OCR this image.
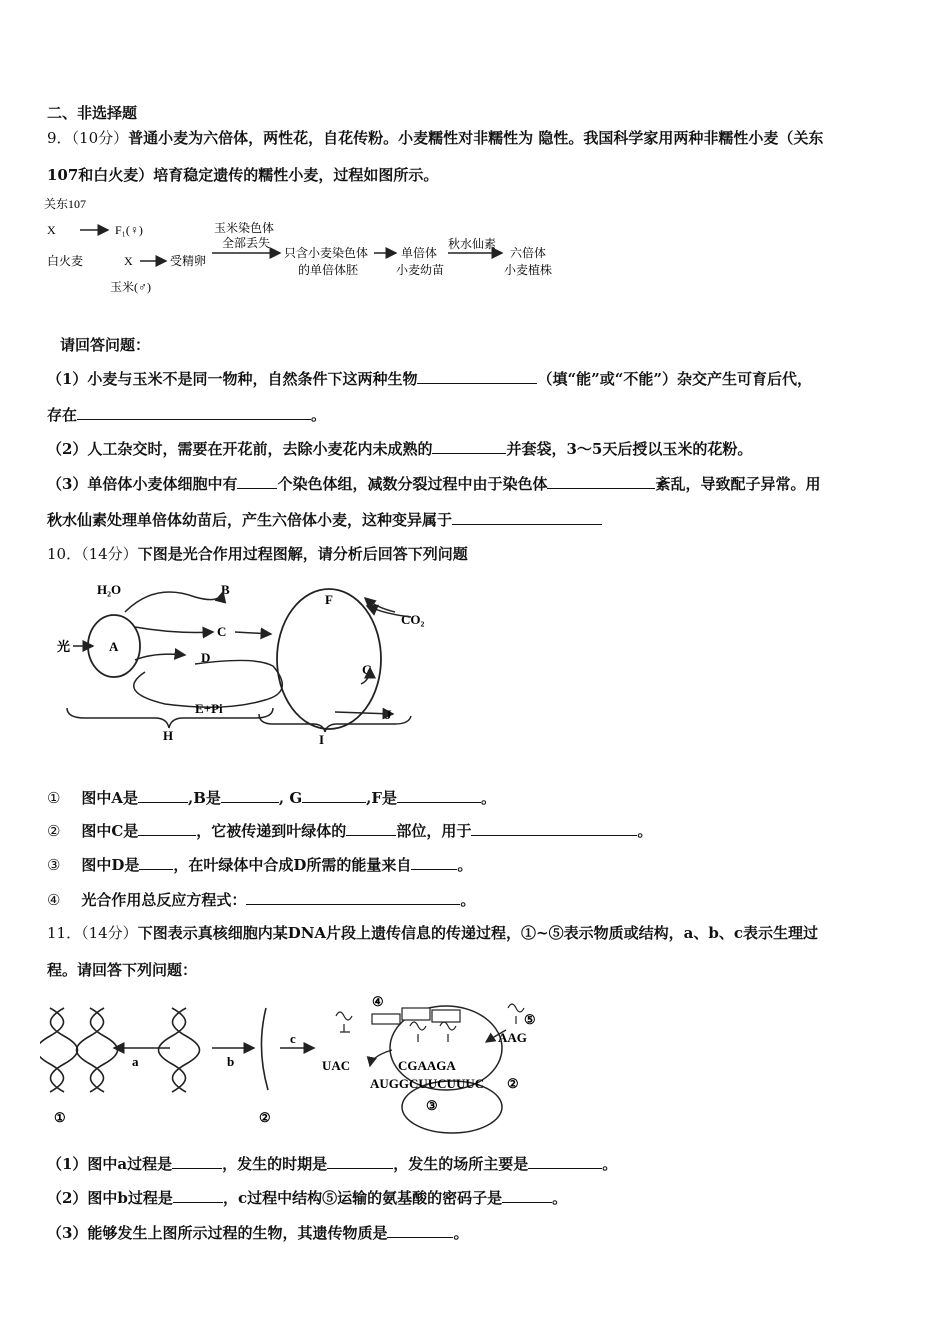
二、非选择题
9．（10分）普通小麦为六倍体，两性花，自花传粉。小麦糯性对非糯性为 隐性。我国科学家用两种非糯性小麦（关东
107和白火麦）培育稳定遗传的糯性小麦，过程如图所示。
关东107
X	F₁(♀)
白火麦	X
玉米(♂)
受精卵
玉米染色体
全部丢失
只含小麦染色体
的单倍体胚
单倍体
小麦幼苗
秋水仙素
六倍体
小麦植株
请回答问题：
（1）小麦与玉米不是同一物种，自然条件下这两种生物	（填“能”或“不能”）杂交产生可育后代，
存在	。
（2）人工杂交时，需要在开花前，去除小麦花内未成熟的	并套袋，3～5天后授以玉米的花粉。
（3）单倍体小麦体细胞中有	个染色体组，减数分裂过程中由于染色体	紊乱，导致配子异常。用
秋水仙素处理单倍体幼苗后，产生六倍体小麦，这种变异属于
10．（14分）下图是光合作用过程图解，请分析后回答下列问题
H₂O	B
光	A
C
D
F
CO₂
G
E+Pi	J
H	I
① 图中A是	,B是	, G	,F是	。
② 图中C是	，它被传递到叶绿体的	部位，用于	。
③ 图中D是 ，在叶绿体中合成D所需的能量来自	。
④ 光合作用总反应方程式：	。
11．（14分）下图表示真核细胞内某DNA片段上遗传信息的传递过程，①~⑤表示物质或结构，a、b、c表示生理过
程。请回答下列问题：
a	b
c
①	②
④
UAC	CGAAGA
AAG
⑤
AUGGCUUCUUUC ②
③
（1）图中a过程是	，发生的时期是	，发生的场所主要是	。
（2）图中b过程是	，c过程中结构⑤运输的氨基酸的密码子是	。
（3）能够发生上图所示过程的生物，其遗传物质是	。
